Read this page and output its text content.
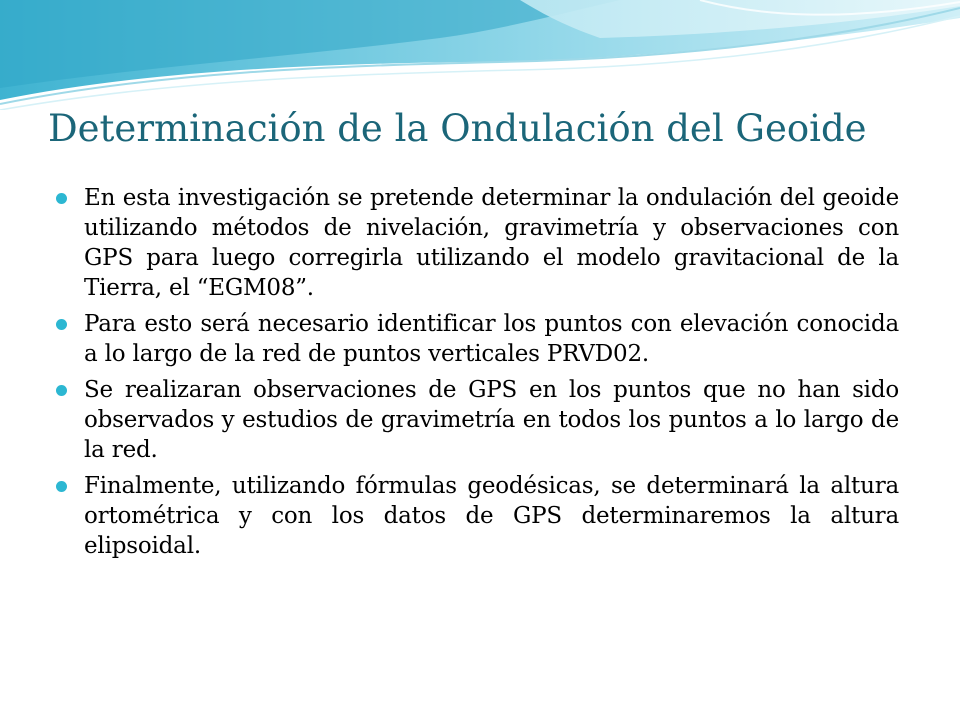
Determinación de la Ondulación del Geoide
En esta investigación se pretende determinar la ondulación del geoide utilizando métodos de nivelación, gravimetría y observaciones con GPS para luego corregirla utilizando el modelo gravitacional de la Tierra, el “EGM08”.
Para esto será necesario identificar los puntos con elevación conocida a lo largo de la red de puntos verticales PRVD02.
Se realizaran observaciones de GPS en los puntos que no han sido observados y estudios de gravimetría en todos los puntos a lo largo de la red.
Finalmente, utilizando fórmulas geodésicas, se determinará la altura ortométrica y con los datos de GPS determinaremos la altura elipsoidal.
